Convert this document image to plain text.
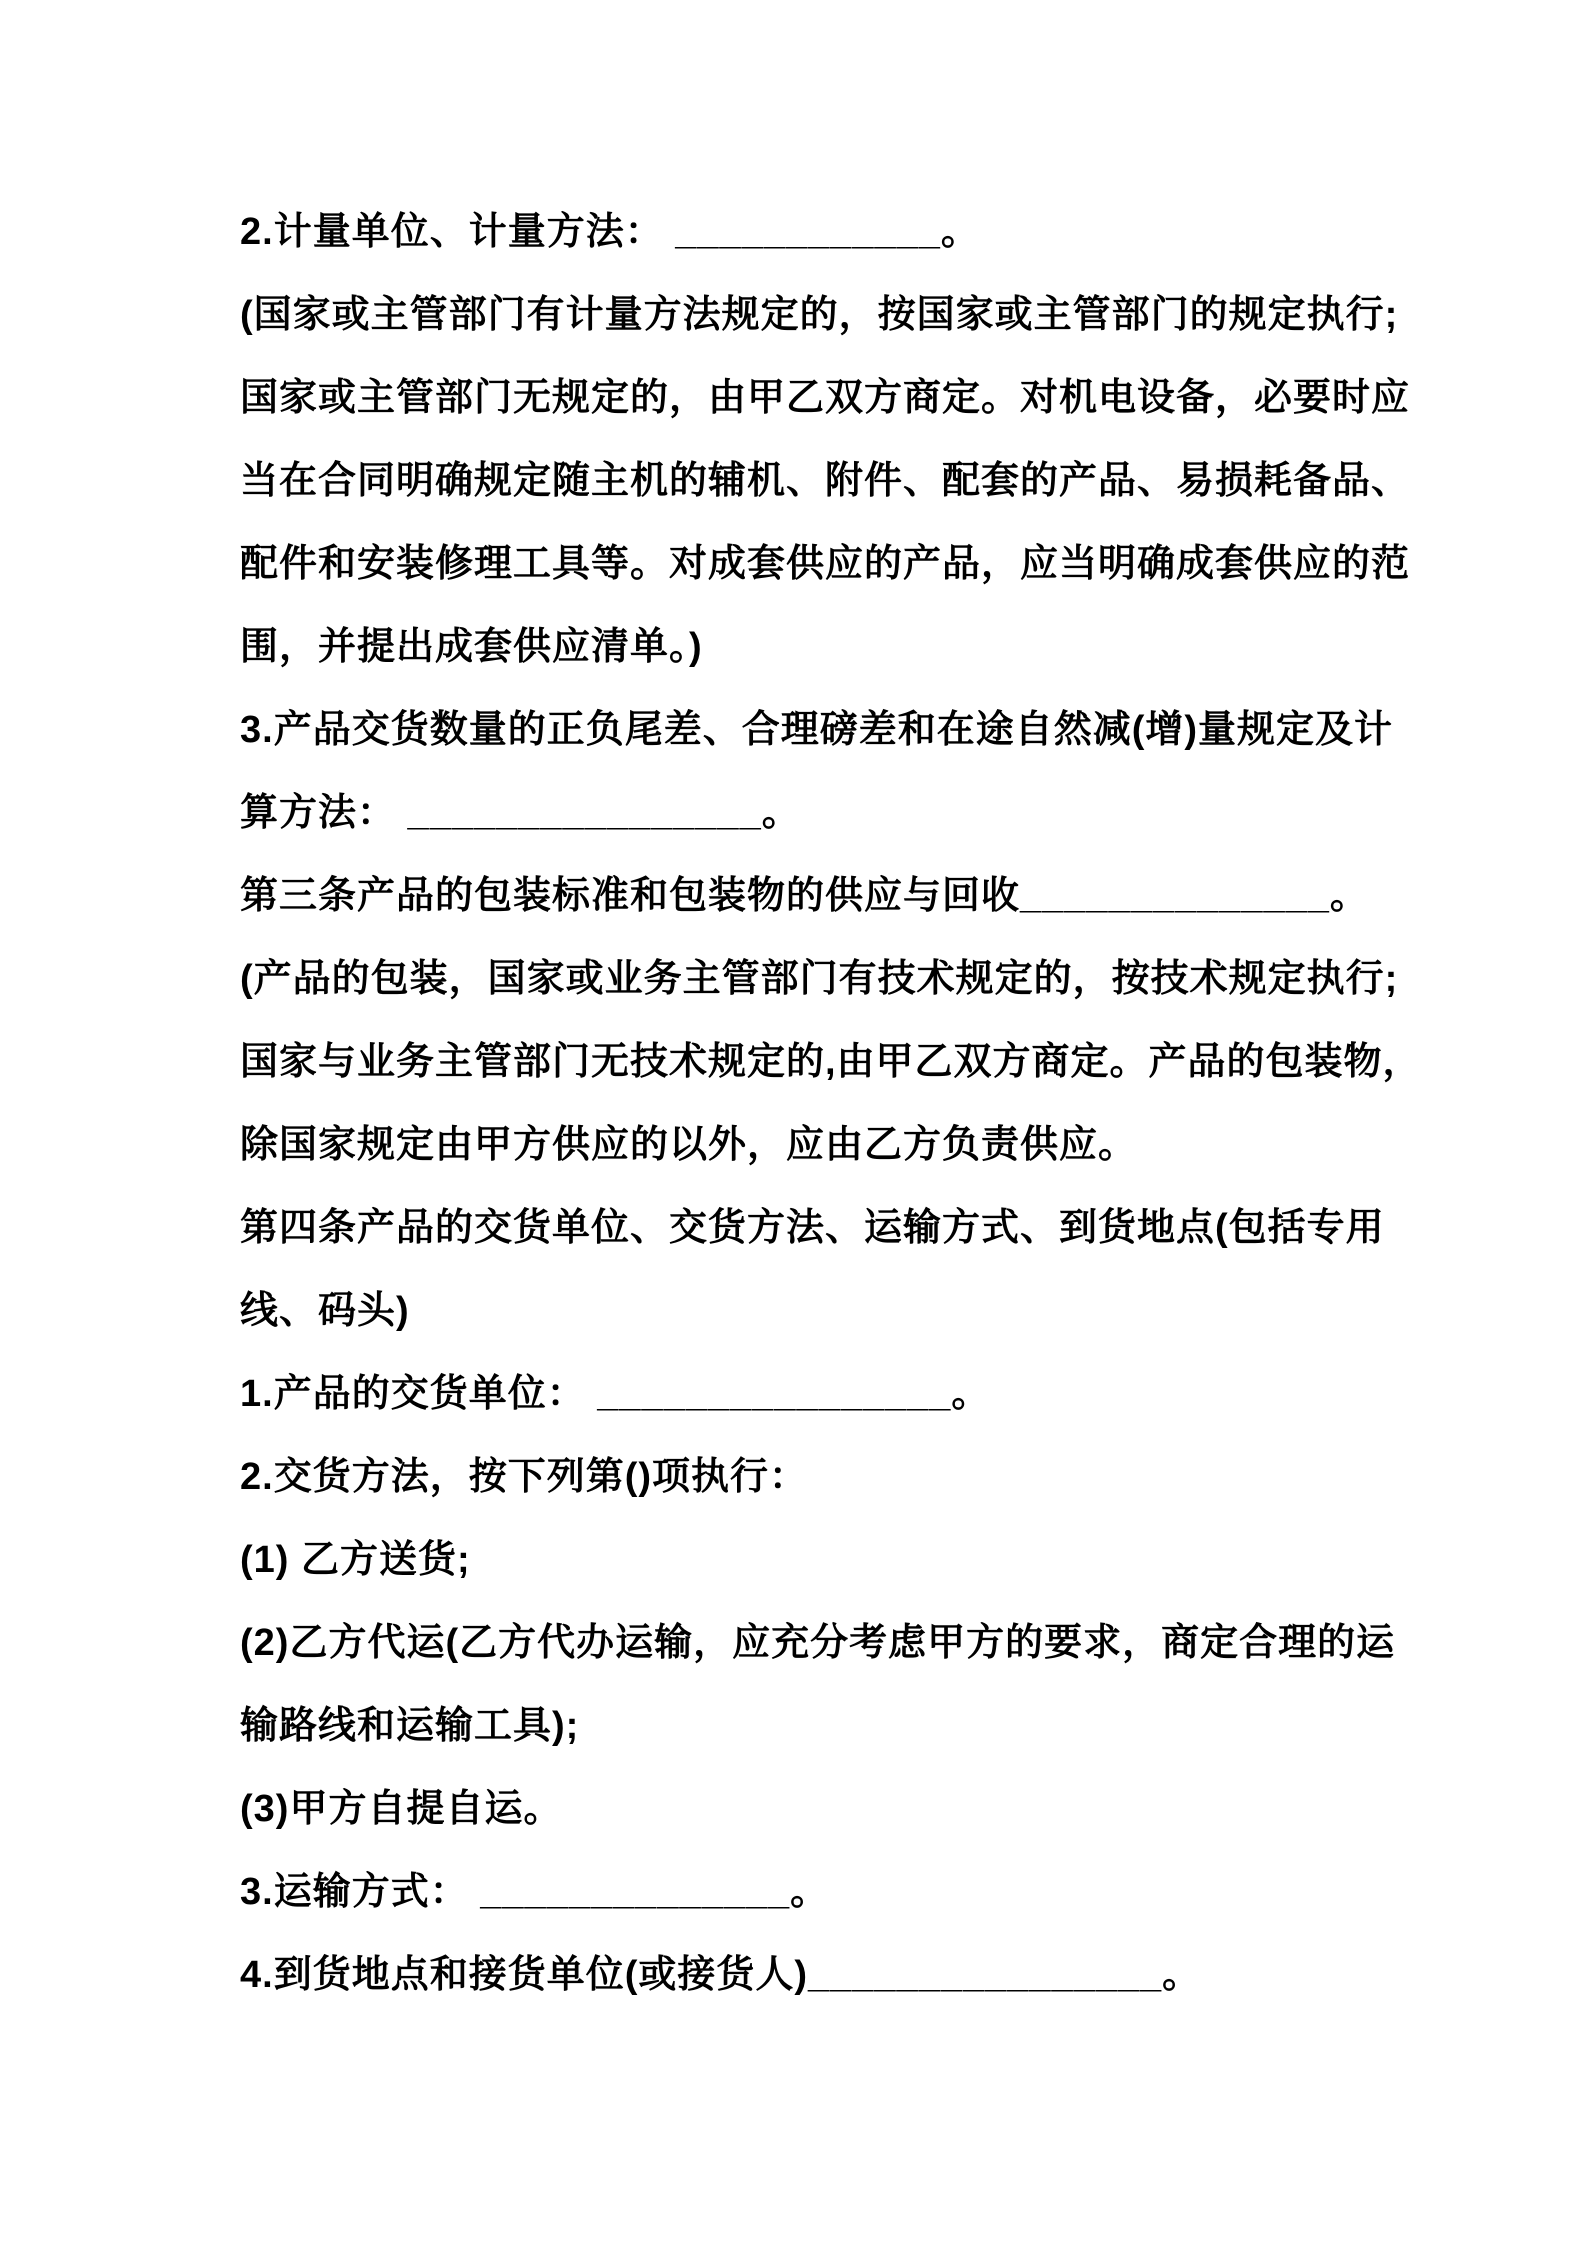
2.计量单位、计量方法： ____________。
(国家或主管部门有计量方法规定的，按国家或主管部门的规定执行;
国家或主管部门无规定的，由甲乙双方商定。对机电设备，必要时应
当在合同明确规定随主机的辅机、附件、配套的产品、易损耗备品、
配件和安装修理工具等。对成套供应的产品，应当明确成套供应的范
围，并提出成套供应清单。)
3.产品交货数量的正负尾差、合理磅差和在途自然减(增)量规定及计
算方法： ________________。
第三条产品的包装标准和包装物的供应与回收______________。
(产品的包装，国家或业务主管部门有技术规定的，按技术规定执行;
国家与业务主管部门无技术规定的,由甲乙双方商定。产品的包装物，
除国家规定由甲方供应的以外，应由乙方负责供应。
第四条产品的交货单位、交货方法、运输方式、到货地点(包括专用
线、码头)
1.产品的交货单位： ________________。
2.交货方法，按下列第()项执行：
(1) 乙方送货;
(2)乙方代运(乙方代办运输，应充分考虑甲方的要求，商定合理的运
输路线和运输工具);
(3)甲方自提自运。
3.运输方式： ______________。
4.到货地点和接货单位(或接货人)________________。
